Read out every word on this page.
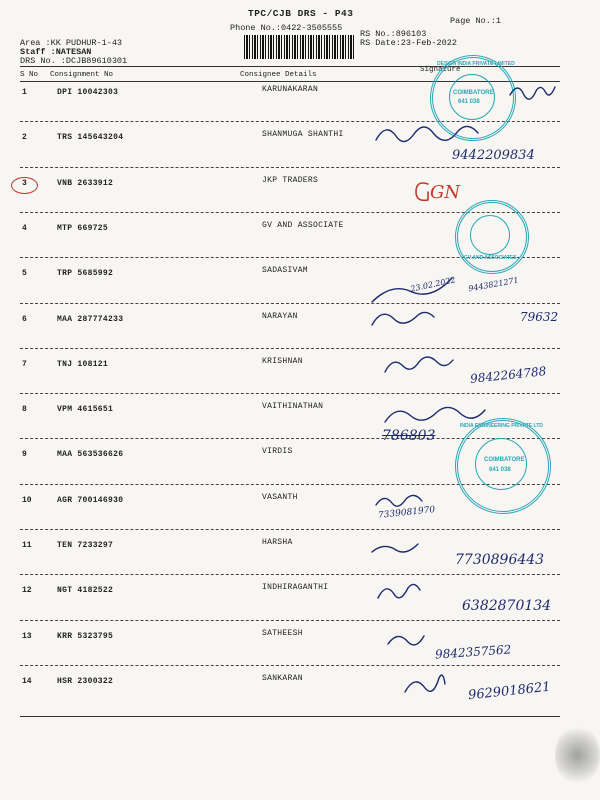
TPC/CJB DRS - P43
Phone No.:0422-3505555
Page No.:1
Area :KK PUDHUR-1-43
Staff :NATESAN
DRS No. :DCJB89610301
RS No.:896103
RS Date:23-Feb-2022
S No Consignment No	Consignee Details
Signature
1	DPI 10042303	KARUNAKARAN
2	TRS 145643204	SHANMUGA SHANTHI
3	VNB 2633912	JKP TRADERS
4	MTP 669725	GV AND ASSOCIATE
5	TRP 5685992	SADASIVAM
6	MAA 287774233	NARAYAN
7	TNJ 108121	KRISHNAN
8	VPM 4615651	VAITHINATHAN
9	MAA 563536626	VIRDIS
10	AGR 700146930	VASANTH
11	TEN 7233297	HARSHA
12	NGT 4182522	INDHIRAGANTHI
13	KRR 5323795	SATHEESH
14	HSR 2300322	SANKARAN
DESIGN INDIA PRIVATE LIMITED
COIMBATORE
641 038
GV AND ASSOCIATES
INDIA ENGINEERING PRIVATE LTD
COIMBATORE
641 038
9442209834
GN
23.02.2022 9443821271
79632
9842264788
786803
7339081970
7730896443
6382870134
9842357562
9629018621
